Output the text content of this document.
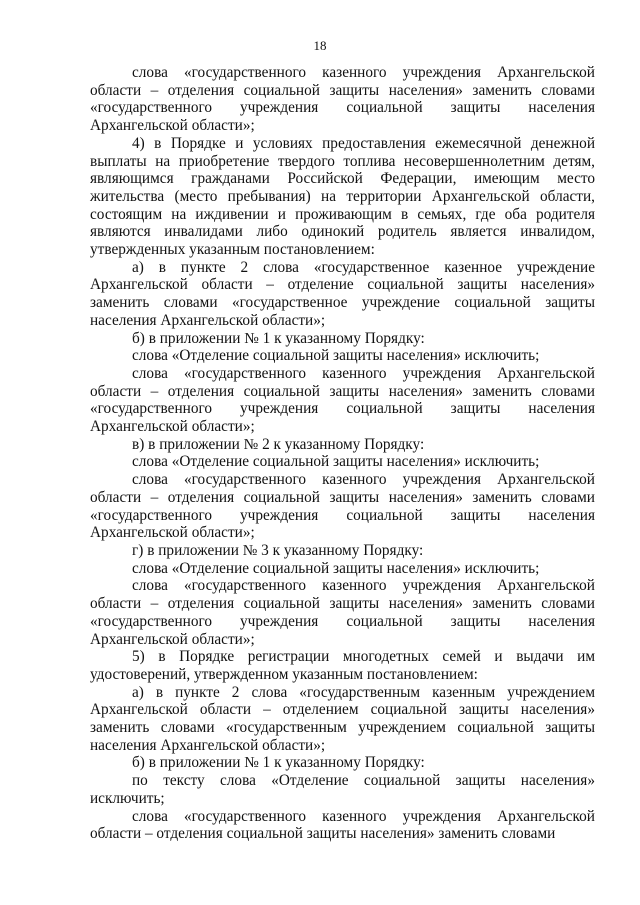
18

слова «государственного казенного учреждения Архангельской области – отделения социальной защиты населения» заменить словами «государственного учреждения социальной защиты населения Архангельской области»;

4) в Порядке и условиях предоставления ежемесячной денежной выплаты на приобретение твердого топлива несовершеннолетним детям, являющимся гражданами Российской Федерации, имеющим место жительства (место пребывания) на территории Архангельской области, состоящим на иждивении и проживающим в семьях, где оба родителя являются инвалидами либо одинокий родитель является инвалидом, утвержденных указанным постановлением:

а) в пункте 2 слова «государственное казенное учреждение Архангельской области – отделение социальной защиты населения» заменить словами «государственное учреждение социальной защиты населения Архангельской области»;

б) в приложении № 1 к указанному Порядку:

слова «Отделение социальной защиты населения» исключить;

слова «государственного казенного учреждения Архангельской области – отделения социальной защиты населения» заменить словами «государственного учреждения социальной защиты населения Архангельской области»;

в) в приложении № 2 к указанному Порядку:

слова «Отделение социальной защиты населения» исключить;

слова «государственного казенного учреждения Архангельской области – отделения социальной защиты населения» заменить словами «государственного учреждения социальной защиты населения Архангельской области»;

г) в приложении № 3 к указанному Порядку:

слова «Отделение социальной защиты населения» исключить;

слова «государственного казенного учреждения Архангельской области – отделения социальной защиты населения» заменить словами «государственного учреждения социальной защиты населения Архангельской области»;

5) в Порядке регистрации многодетных семей и выдачи им удостоверений, утвержденном указанным постановлением:

а) в пункте 2 слова «государственным казенным учреждением Архангельской области – отделением социальной защиты населения» заменить словами «государственным учреждением социальной защиты населения Архангельской области»;

б) в приложении № 1 к указанному Порядку:

по тексту слова «Отделение социальной защиты населения» исключить;

слова «государственного казенного учреждения Архангельской области – отделения социальной защиты населения» заменить словами
